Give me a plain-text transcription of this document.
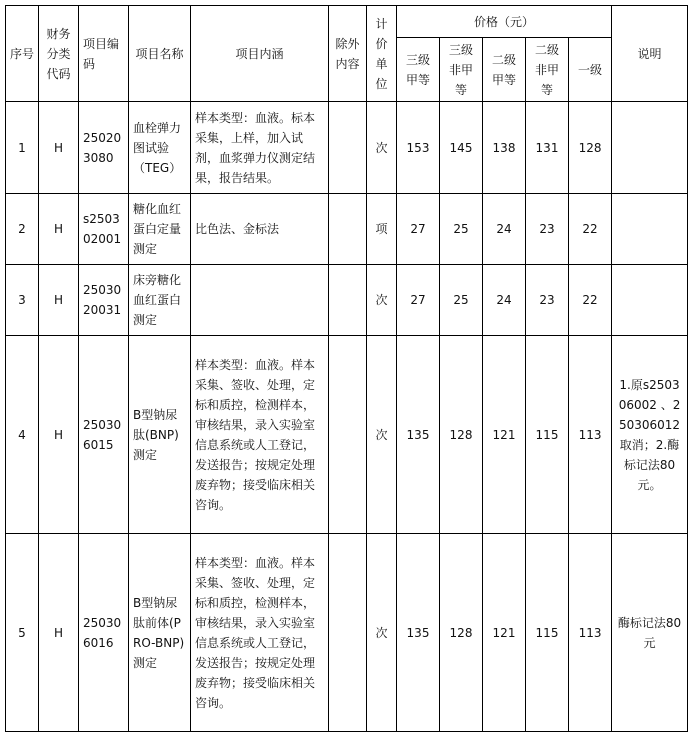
序号	财务分类代码	项目编码	项目名称	项目内涵	除外内容	计价单位	价格（元）					说明
							三级甲等	三级非甲等	二级甲等	二级非甲等	一级	
1	H	250203080	血栓弹力图试验（TEG）	样本类型：血液。标本采集，上样，加入试剂，血浆弹力仪测定结果，报告结果。		次	153	145	138	131	128	
2	H	s250302001	糖化血红蛋白定量测定	比色法、金标法		项	27	25	24	23	22	
3	H	2503020031	床旁糖化血红蛋白测定			次	27	25	24	23	22	
4	H	250306015	B型钠尿肽(BNP)测定	样本类型：血液。样本采集、签收、处理，定标和质控，检测样本，审核结果，录入实验室信息系统或人工登记，发送报告；按规定处理废弃物；接受临床相关咨询。		次	135	128	121	115	113	1.原s250306002 、250306012取消；2.酶标记法80元。
5	H	250306016	B型钠尿肽前体(PRO-BNP)测定	样本类型：血液。样本采集、签收、处理，定标和质控，检测样本，审核结果，录入实验室信息系统或人工登记，发送报告；按规定处理废弃物；接受临床相关咨询。		次	135	128	121	115	113	酶标记法80元
